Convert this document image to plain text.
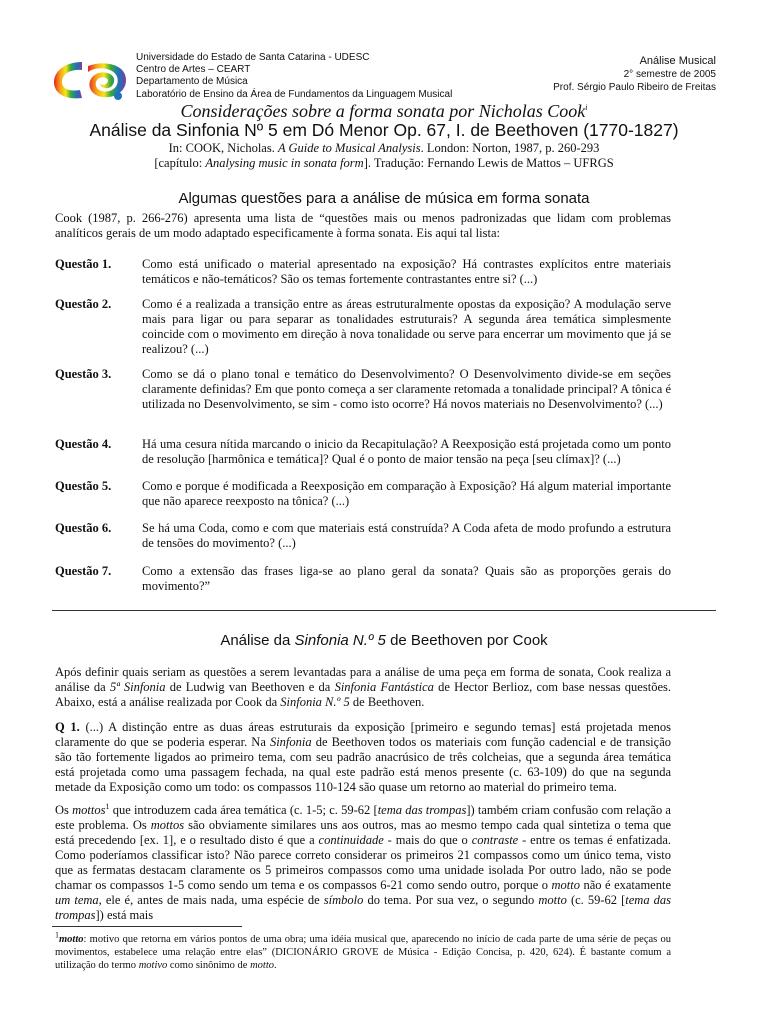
Universidade do Estado de Santa Catarina - UDESC
Centro de Artes – CEART
Departamento de Música
Laboratório de Ensino da Área de Fundamentos da Linguagem Musical
Análise Musical
2° semestre de 2005
Prof. Sérgio Paulo Ribeiro de Freitas
Considerações sobre a forma sonata por Nicholas Cook$^i$
Análise da Sinfonia Nº 5 em Dó Menor Op. 67, I. de Beethoven (1770-1827)
In: COOK, Nicholas. A Guide to Musical Analysis. London: Norton, 1987, p. 260-293
[capítulo: Analysing music in sonata form]. Tradução: Fernando Lewis de Mattos – UFRGS
Algumas questões para a análise de música em forma sonata
Cook (1987, p. 266-276) apresenta uma lista de “questões mais ou menos padronizadas que lidam com problemas analíticos gerais de um modo adaptado especificamente à forma sonata. Eis aqui tal lista:
Questão 1. Como está unificado o material apresentado na exposição? Há contrastes explícitos entre materiais temáticos e não-temáticos? São os temas fortemente contrastantes entre si? (...)
Questão 2. Como é a realizada a transição entre as áreas estruturalmente opostas da exposição? A modulação serve mais para ligar ou para separar as tonalidades estruturais? A segunda área temática simplesmente coincide com o movimento em direção à nova tonalidade ou serve para encerrar um movimento que já se realizou? (...)
Questão 3. Como se dá o plano tonal e temático do Desenvolvimento? O Desenvolvimento divide-se em seções claramente definidas? Em que ponto começa a ser claramente retomada a tonalidade principal? A tônica é utilizada no Desenvolvimento, se sim - como isto ocorre? Há novos materiais no Desenvolvimento? (...)
Questão 4. Há uma cesura nítida marcando o inicio da Recapitulação? A Reexposição está projetada como um ponto de resolução [harmônica e temática]? Qual é o ponto de maior tensão na peça [seu clímax]? (...)
Questão 5. Como e porque é modificada a Reexposição em comparação à Exposição? Há algum material importante que não aparece reexposto na tônica? (...)
Questão 6. Se há uma Coda, como e com que materiais está construída? A Coda afeta de modo profundo a estrutura de tensões do movimento? (...)
Questão 7. Como a extensão das frases liga-se ao plano geral da sonata? Quais são as proporções gerais do movimento?”
Análise da Sinfonia N.º 5 de Beethoven por Cook
Após definir quais seriam as questões a serem levantadas para a análise de uma peça em forma de sonata, Cook realiza a análise da 5ª Sinfonia de Ludwig van Beethoven e da Sinfonia Fantástica de Hector Berlioz, com base nessas questões. Abaixo, está a análise realizada por Cook da Sinfonia N.º 5 de Beethoven.
Q 1. (...) A distinção entre as duas áreas estruturais da exposição [primeiro e segundo temas] está projetada menos claramente do que se poderia esperar. Na Sinfonia de Beethoven todos os materiais com função cadencial e de transição são tão fortemente ligados ao primeiro tema, com seu padrão anacrúsico de três colcheias, que a segunda área temática está projetada como uma passagem fechada, na qual este padrão está menos presente (c. 63-109) do que na segunda metade da Exposição como um todo: os compassos 110-124 são quase um retorno ao material do primeiro tema.
Os mottos$^1$ que introduzem cada área temática (c. 1-5; c. 59-62 [tema das trompas]) também criam confusão com relação a este problema. Os mottos são obviamente similares uns aos outros, mas ao mesmo tempo cada qual sintetiza o tema que está precedendo [ex. 1], e o resultado disto é que a continuidade - mais do que o contraste - entre os temas é enfatizada. Como poderíamos classificar isto? Não parece correto considerar os primeiros 21 compassos como um único tema, visto que as fermatas destacam claramente os 5 primeiros compassos como uma unidade isolada Por outro lado, não se pode chamar os compassos 1-5 como sendo um tema e os compassos 6-21 como sendo outro, porque o motto não é exatamente um tema, ele é, antes de mais nada, uma espécie de símbolo do tema. Por sua vez, o segundo motto (c. 59-62 [tema das trompas]) está mais
$^1$motto: motivo que retorna em vários pontos de uma obra; uma idéia musical que, aparecendo no início de cada parte de uma série de peças ou movimentos, estabelece uma relação entre elas” (DICIONÁRIO GROVE de Música - Edição Concisa, p. 420, 624). É bastante comum a utilização do termo motivo como sinônimo de motto.
